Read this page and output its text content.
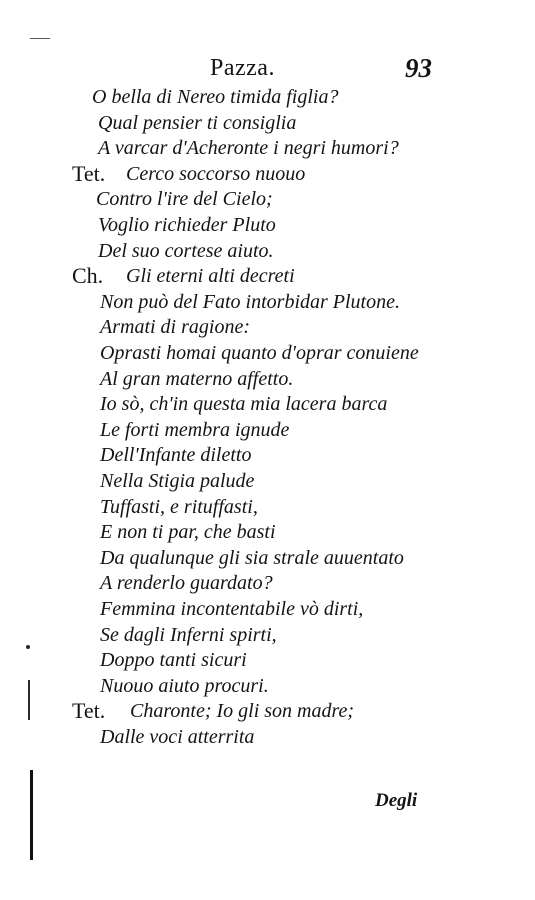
Pazza.	93
O bella di Nereo timida figlia?
Qual pensier ti consiglia
A varcar d'Acheronte i negri humori?
Tet. Cerco soccorso nuouo
Contro l'ire del Cielo;
Voglio richieder Pluto
Del suo cortese aiuto.
Ch. Gli eterni alti decreti
Non può del Fato intorbidar Plutone.
Armati di ragione:
Oprasti homai quanto d'oprar conuiene
Al gran materno affetto.
Io sò, ch'in questa mia lacera barca
Le forti membra ignude
Dell'Infante diletto
Nella Stigia palude
Tuffasti, e rituffasti,
E non ti par, che basti
Da qualunque gli sia strale auuentato
A renderlo guardato?
Femmina incontentabile vò dirti,
Se dagli Inferni spirti,
Doppo tanti sicuri
Nuouo aiuto procuri.
Tet. Charonte; Io gli son madre;
Dalle voci atterrita
Degli
